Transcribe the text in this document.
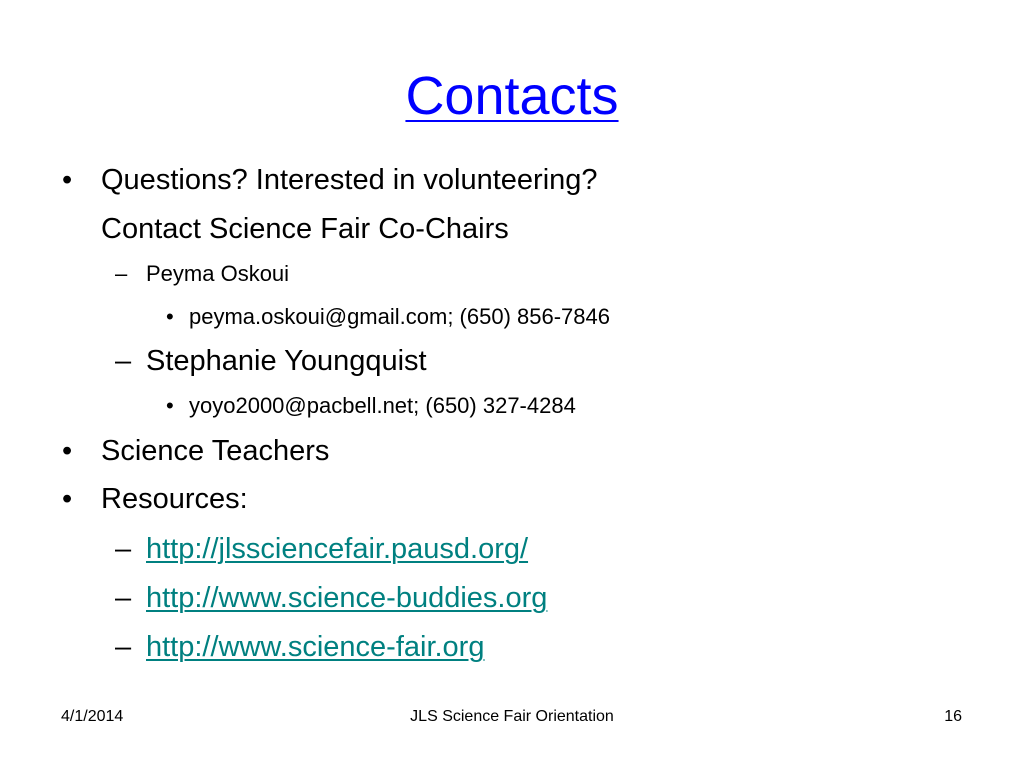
Contacts
• Questions? Interested in volunteering?
Contact Science Fair Co-Chairs
– Peyma Oskoui
• peyma.oskoui@gmail.com; (650) 856-7846
– Stephanie Youngquist
• yoyo2000@pacbell.net; (650) 327-4284
• Science Teachers
• Resources:
– http://jlssciencefair.pausd.org/
– http://www.science-buddies.org
– http://www.science-fair.org
4/1/2014	JLS Science Fair Orientation	16
